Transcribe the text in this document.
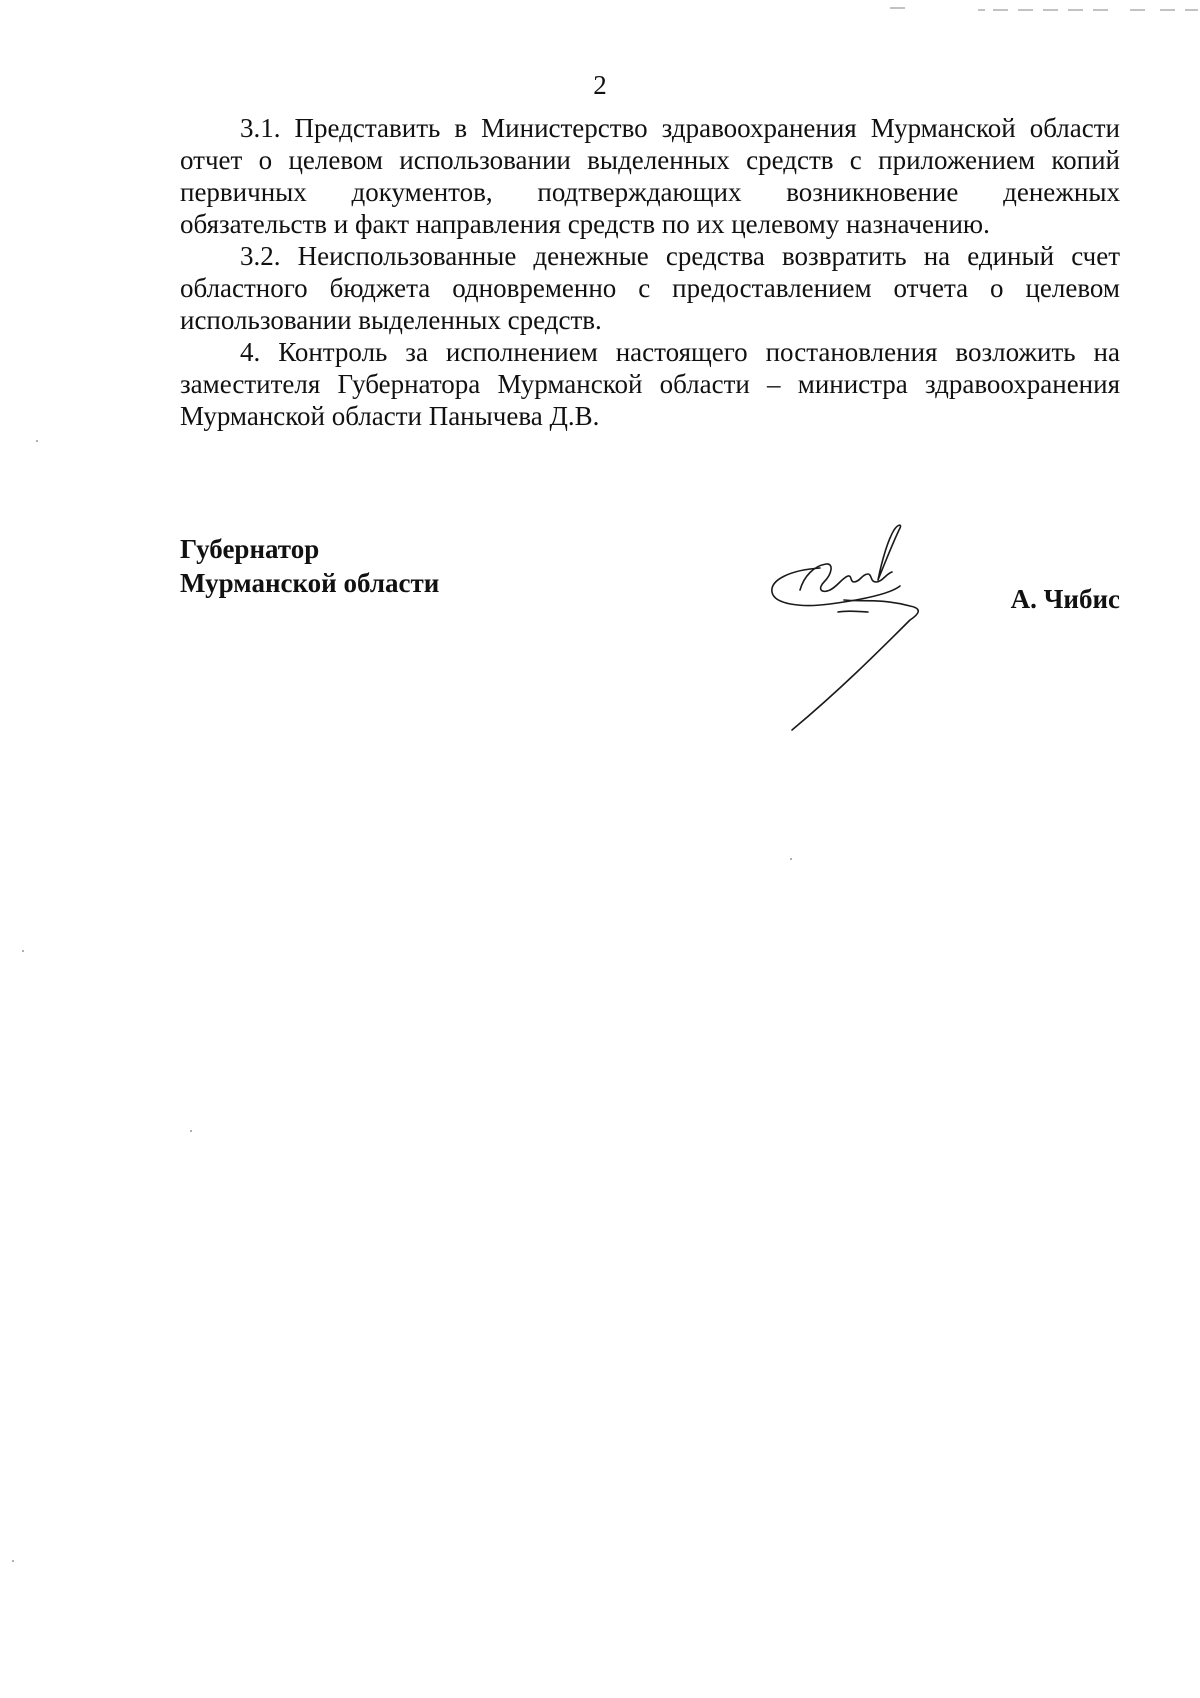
2

3.1. Представить в Министерство здравоохранения Мурманской области отчет о целевом использовании выделенных средств с приложением копий первичных документов, подтверждающих возникновение денежных обязательств и факт направления средств по их целевому назначению.

3.2. Неиспользованные денежные средства возвратить на единый счет областного бюджета одновременно с предоставлением отчета о целевом использовании выделенных средств.

4. Контроль за исполнением настоящего постановления возложить на заместителя Губернатора Мурманской области – министра здравоохранения Мурманской области Панычева Д.В.

Губернатор
Мурманской области
А. Чибис
